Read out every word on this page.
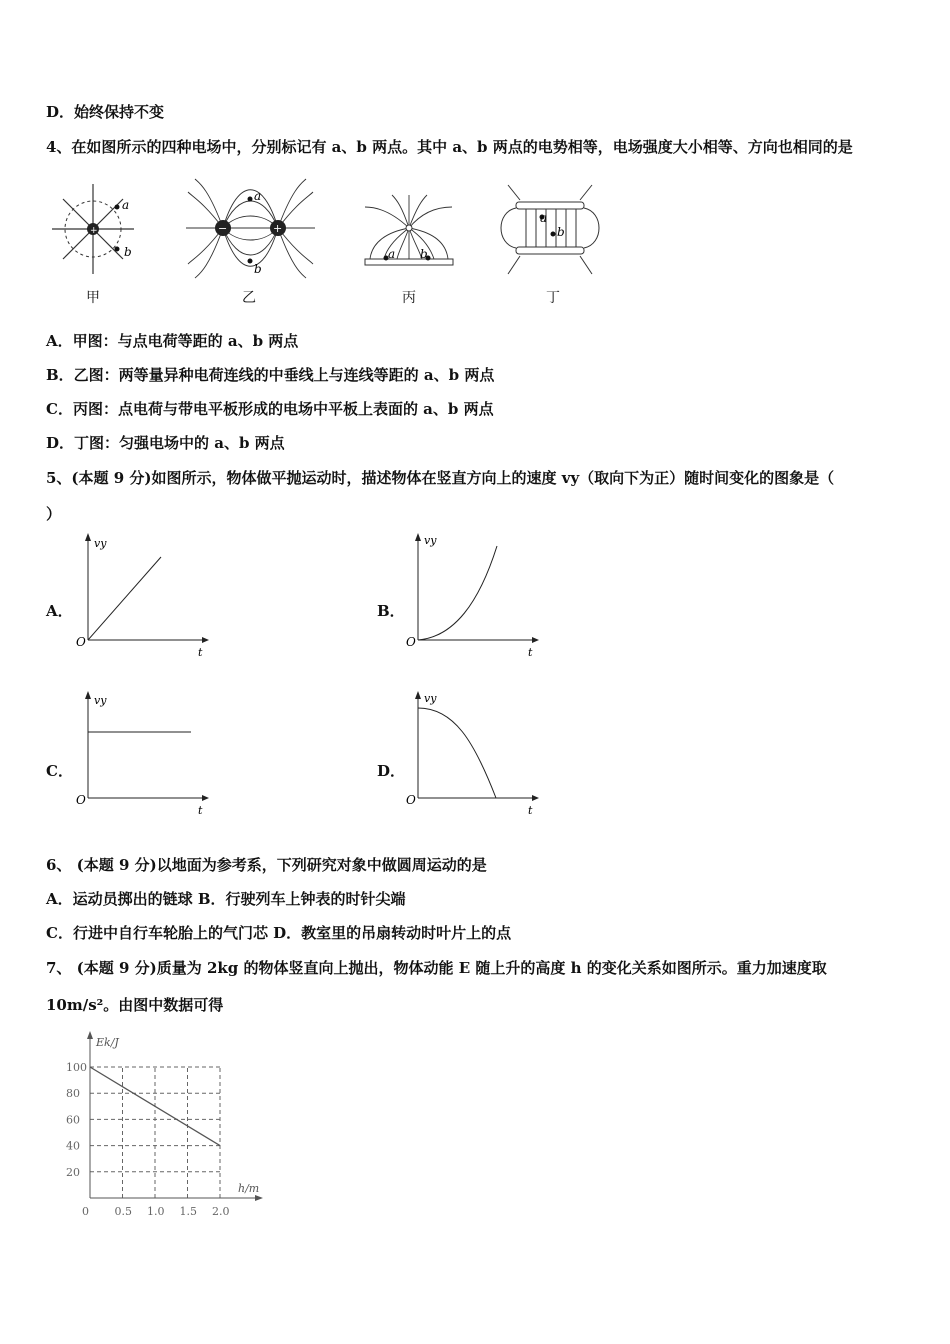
D．始终保持不变
4、在如图所示的四种电场中，分别标记有 a、b 两点。其中 a、b 两点的电势相等，电场强度大小相等、方向也相同的是
+
a
b
甲
−	+
a
b
乙
a b
丙
a
b
丁
A．甲图：与点电荷等距的 a、b 两点
B．乙图：两等量异种电荷连线的中垂线上与连线等距的 a、b 两点
C．丙图：点电荷与带电平板形成的电场中平板上表面的 a、b 两点
D．丁图：匀强电场中的 a、b 两点
5、(本题 9 分)如图所示，物体做平抛运动时，描述物体在竖直方向上的速度 vy（取向下为正）随时间变化的图象是（
）
A．
vy
t
O
B．
vy
t
O
C．
vy
t
O
D．
vy
t
O
6、 (本题 9 分)以地面为参考系，下列研究对象中做圆周运动的是
A．运动员掷出的链球 B．行驶列车上钟表的时针尖端
C．行进中自行车轮胎上的气门芯 D．教室里的吊扇转动时叶片上的点
7、 (本题 9 分)质量为 2kg 的物体竖直向上抛出，物体动能 E 随上升的高度 h 的变化关系如图所示。重力加速度取
10m/s²。由图中数据可得
20
40
60
80
100
0 0.5 1.0 1.5 2.0
Ek/J
h/m
